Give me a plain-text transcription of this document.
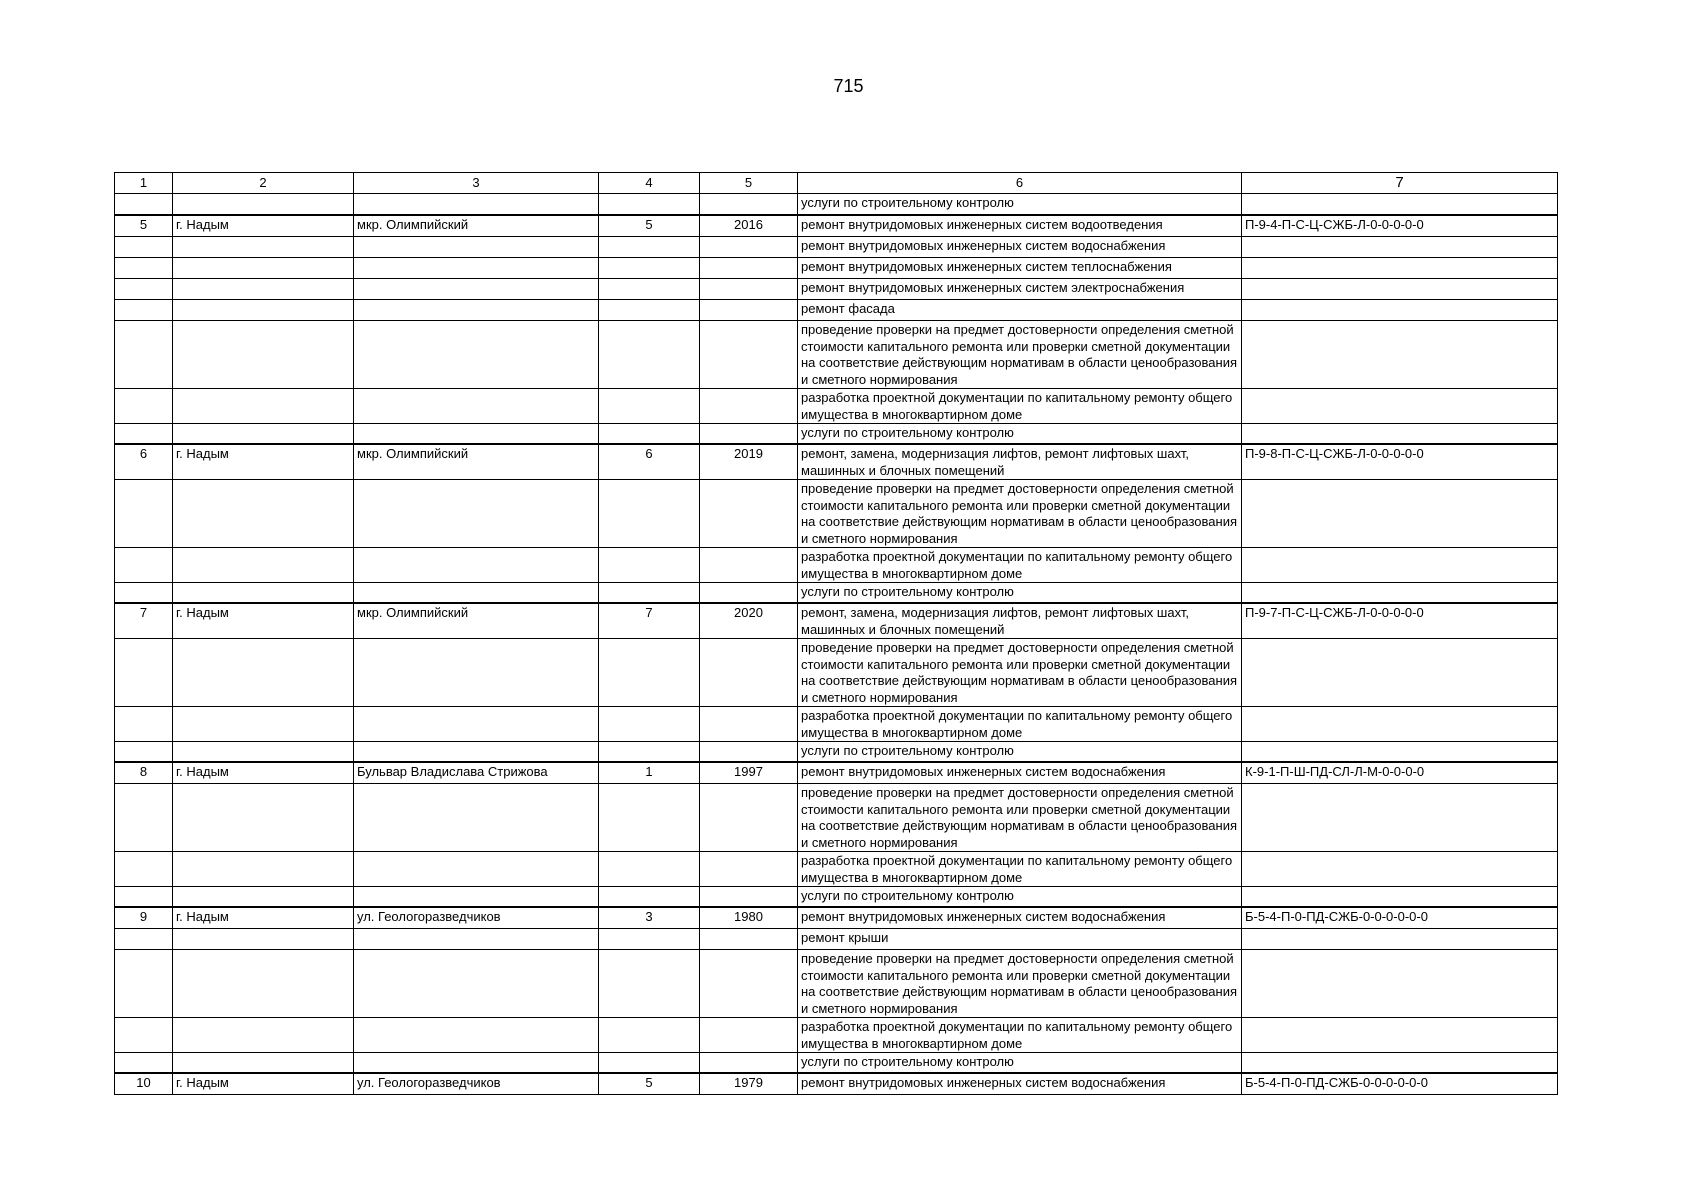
715
1	2	3	4	5	6	7
					услуги по строительному контролю	
5	г. Надым	мкр. Олимпийский	5	2016	ремонт внутридомовых инженерных систем водоотведения	П-9-4-П-С-Ц-СЖБ-Л-0-0-0-0-0
					ремонт внутридомовых инженерных систем водоснабжения	
					ремонт внутридомовых инженерных систем теплоснабжения	
					ремонт внутридомовых инженерных систем электроснабжения	
					ремонт фасада	
					проведение проверки на предмет достоверности определения сметной стоимости капитального ремонта или проверки сметной документации на соответствие действующим нормативам в области ценообразования и сметного нормирования	
					разработка проектной документации по капитальному ремонту общего имущества в многоквартирном доме	
					услуги по строительному контролю	
6	г. Надым	мкр. Олимпийский	6	2019	ремонт, замена, модернизация лифтов, ремонт лифтовых шахт, машинных и блочных помещений	П-9-8-П-С-Ц-СЖБ-Л-0-0-0-0-0
					проведение проверки на предмет достоверности определения сметной стоимости капитального ремонта или проверки сметной документации на соответствие действующим нормативам в области ценообразования и сметного нормирования	
					разработка проектной документации по капитальному ремонту общего имущества в многоквартирном доме	
					услуги по строительному контролю	
7	г. Надым	мкр. Олимпийский	7	2020	ремонт, замена, модернизация лифтов, ремонт лифтовых шахт, машинных и блочных помещений	П-9-7-П-С-Ц-СЖБ-Л-0-0-0-0-0
					проведение проверки на предмет достоверности определения сметной стоимости капитального ремонта или проверки сметной документации на соответствие действующим нормативам в области ценообразования и сметного нормирования	
					разработка проектной документации по капитальному ремонту общего имущества в многоквартирном доме	
					услуги по строительному контролю	
8	г. Надым	Бульвар Владислава Стрижова	1	1997	ремонт внутридомовых инженерных систем водоснабжения	К-9-1-П-Ш-ПД-СЛ-Л-М-0-0-0-0
					проведение проверки на предмет достоверности определения сметной стоимости капитального ремонта или проверки сметной документации на соответствие действующим нормативам в области ценообразования и сметного нормирования	
					разработка проектной документации по капитальному ремонту общего имущества в многоквартирном доме	
					услуги по строительному контролю	
9	г. Надым	ул. Геологоразведчиков	3	1980	ремонт внутридомовых инженерных систем водоснабжения	Б-5-4-П-0-ПД-СЖБ-0-0-0-0-0-0
					ремонт крыши	
					проведение проверки на предмет достоверности определения сметной стоимости капитального ремонта или проверки сметной документации на соответствие действующим нормативам в области ценообразования и сметного нормирования	
					разработка проектной документации по капитальному ремонту общего имущества в многоквартирном доме	
					услуги по строительному контролю	
10	г. Надым	ул. Геологоразведчиков	5	1979	ремонт внутридомовых инженерных систем водоснабжения	Б-5-4-П-0-ПД-СЖБ-0-0-0-0-0-0
